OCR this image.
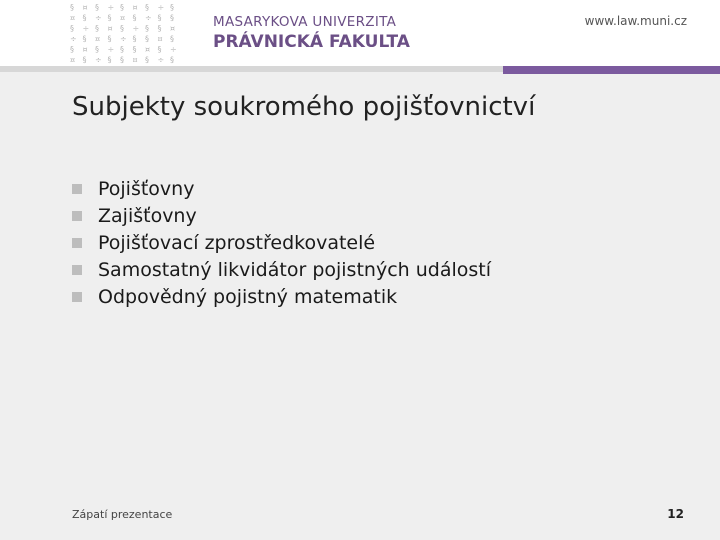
§ ¤ § ÷ § ¤ § ÷ §
¤ § ÷ § ¤ § ÷ § §
§ ÷ § ¤ § ÷ § § ¤
÷ § ¤ § ÷ § § ¤ §
§ ¤ § ÷ § § ¤ § ÷
¤ § ÷ § § ¤ § ÷ §
MASARYKOVA UNIVERZITA
PRÁVNICKÁ FAKULTA
www.law.muni.cz
Subjekty soukromého pojišťovnictví
Pojišťovny
Zajišťovny
Pojišťovací zprostředkovatelé
Samostatný likvidátor pojistných událostí
Odpovědný pojistný matematik
Zápatí prezentace	12
